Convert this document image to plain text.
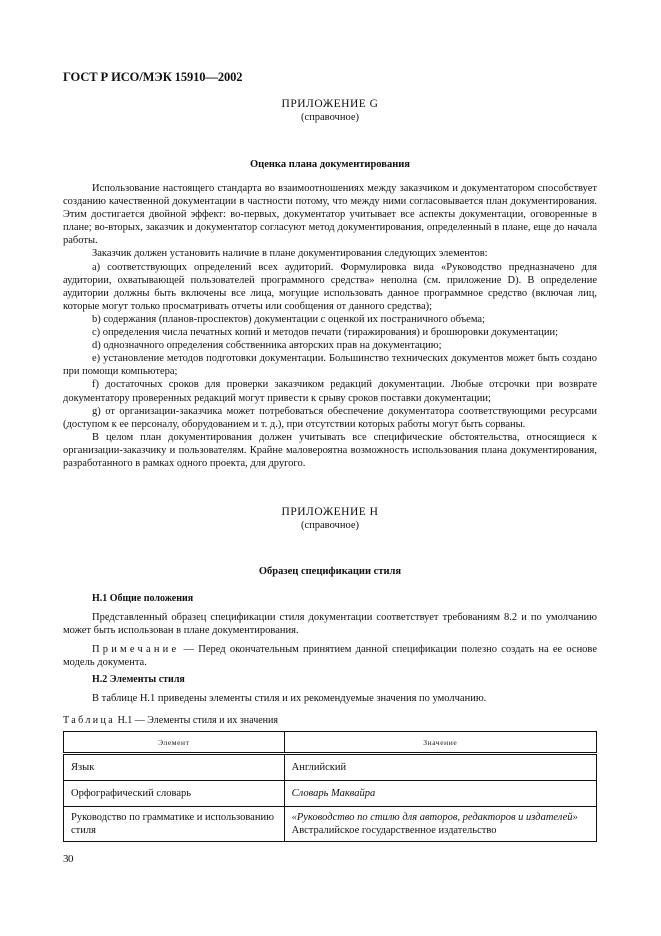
ГОСТ Р ИСО/МЭК 15910—2002
ПРИЛОЖЕНИЕ G
(справочное)
Оценка плана документирования

Использование настоящего стандарта во взаимоотношениях между заказчиком и документатором способствует созданию качественной документации в частности потому, что между ними согласовывается план документирования. Этим достигается двойной эффект: во-первых, документатор учитывает все аспекты документации, оговоренные в плане; во-вторых, заказчик и документатор согласуют метод документирования, определенный в плане, еще до начала работы.

Заказчик должен установить наличие в плане документирования следующих элементов:

a) соответствующих определений всех аудиторий. Формулировка вида «Руководство предназначено для аудитории, охватывающей пользователей программного средства» неполна (см. приложение D). В определение аудитории должны быть включены все лица, могущие использовать данное программное средство (включая лиц, которые могут только просматривать отчеты или сообщения от данного средства);

b) содержания (планов-проспектов) документации с оценкой их постраничного объема;

c) определения числа печатных копий и методов печати (тиражирования) и брошюровки документации;

d) однозначного определения собственника авторских прав на документацию;

e) установление методов подготовки документации. Большинство технических документов может быть создано при помощи компьютера;

f) достаточных сроков для проверки заказчиком редакций документации. Любые отсрочки при возврате документатору проверенных редакций могут привести к срыву сроков поставки документации;

g) от организации-заказчика может потребоваться обеспечение документатора соответствующими ресурсами (доступом к ее персоналу, оборудованием и т. д.), при отсутствии которых работы могут быть сорваны.

В целом план документирования должен учитывать все специфические обстоятельства, относящиеся к организации-заказчику и пользователям. Крайне маловероятна возможность использования плана документирования, разработанного в рамках одного проекта, для другого.

ПРИЛОЖЕНИЕ H
(справочное)
Образец спецификации стиля
Н.1 Общие положения

Представленный образец спецификации стиля документации соответствует требованиям 8.2 и по умолчанию может быть использован в плане документирования.

Примечание — Перед окончательным принятием данной спецификации полезно создать на ее основе модель документа.

Н.2 Элементы стиля

В таблице Н.1 приведены элементы стиля и их рекомендуемые значения по умолчанию.

Таблица Н.1 — Элементы стиля и их значения
Элемент	Значение
Язык	Английский
Орфографический словарь	Словарь Маквайра
Руководство по грамматике и использованию стиля	«Руководство по стилю для авторов, редакторов и издателей»
Австралийское государственное издательство
30
